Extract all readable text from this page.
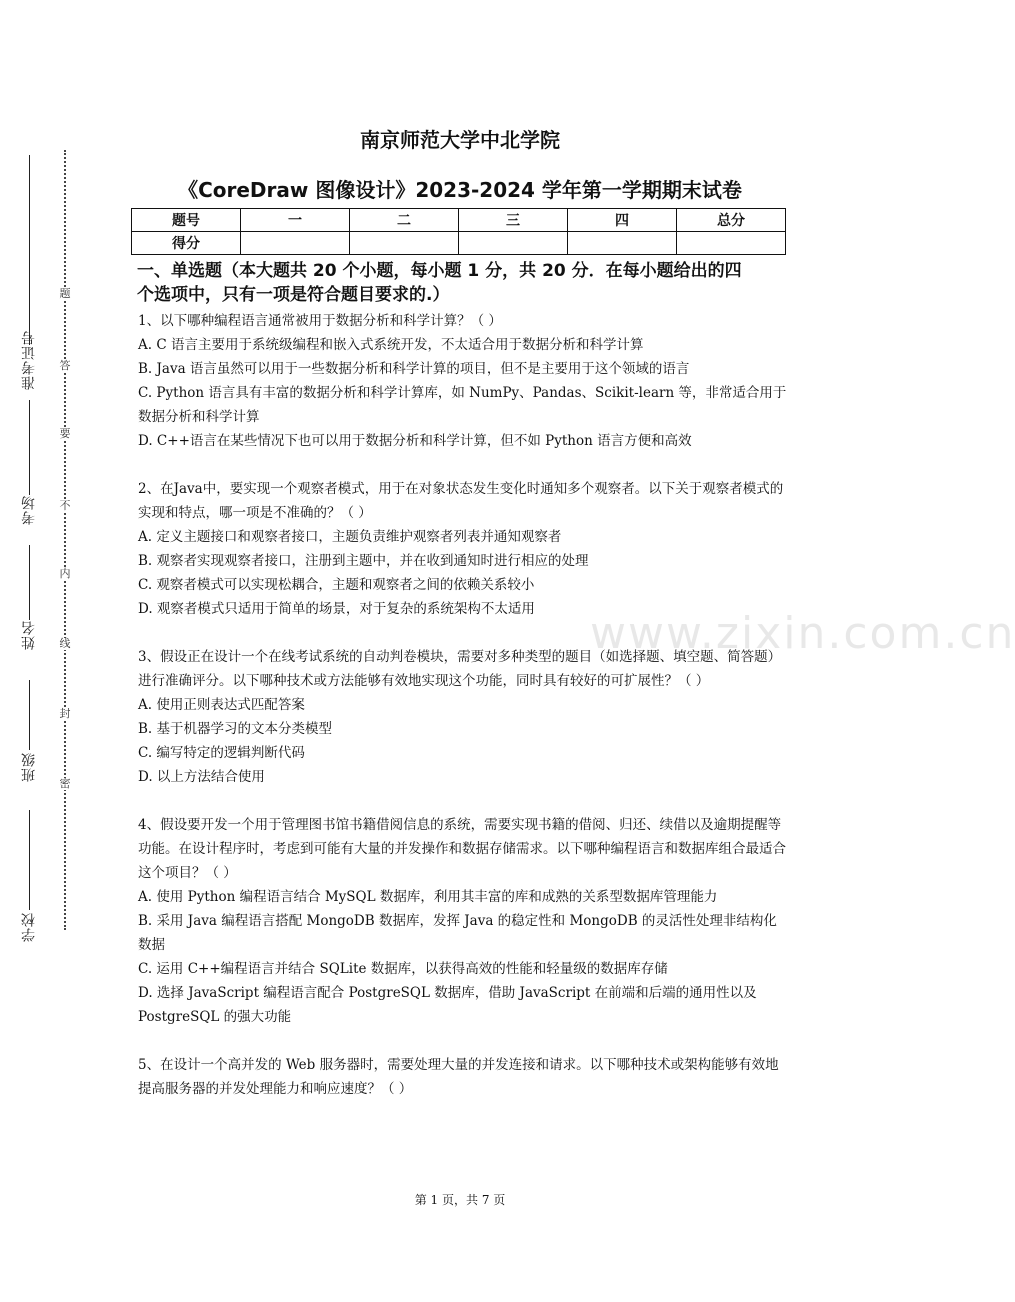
准考证号
考场
姓名
班级
学校
题
答
要
不
内
线
封
密
南京师范大学中北学院
《CoreDraw 图像设计》2023-2024 学年第一学期期末试卷
题号	一	二	三	四	总分
得分					
一、单选题（本大题共 20 个小题，每小题 1 分，共 20 分．在每小题给出的四
个选项中，只有一项是符合题目要求的.）

1、以下哪种编程语言通常被用于数据分析和科学计算？（ ）

A. C 语言主要用于系统级编程和嵌入式系统开发，不太适合用于数据分析和科学计算

B. Java 语言虽然可以用于一些数据分析和科学计算的项目，但不是主要用于这个领域的语言

C. Python 语言具有丰富的数据分析和科学计算库，如 NumPy、Pandas、Scikit-learn 等，非常适合用于数据分析和科学计算

D. C++语言在某些情况下也可以用于数据分析和科学计算，但不如 Python 语言方便和高效

2、在Java中，要实现一个观察者模式，用于在对象状态发生变化时通知多个观察者。以下关于观察者模式的实现和特点，哪一项是不准确的？（ ）

A. 定义主题接口和观察者接口，主题负责维护观察者列表并通知观察者

B. 观察者实现观察者接口，注册到主题中，并在收到通知时进行相应的处理

C. 观察者模式可以实现松耦合，主题和观察者之间的依赖关系较小

D. 观察者模式只适用于简单的场景，对于复杂的系统架构不太适用

3、假设正在设计一个在线考试系统的自动判卷模块，需要对多种类型的题目（如选择题、填空题、简答题）进行准确评分。以下哪种技术或方法能够有效地实现这个功能，同时具有较好的可扩展性？（ ）

A. 使用正则表达式匹配答案

B. 基于机器学习的文本分类模型

C. 编写特定的逻辑判断代码

D. 以上方法结合使用

4、假设要开发一个用于管理图书馆书籍借阅信息的系统，需要实现书籍的借阅、归还、续借以及逾期提醒等功能。在设计程序时，考虑到可能有大量的并发操作和数据存储需求。以下哪种编程语言和数据库组合最适合这个项目？（ ）

A. 使用 Python 编程语言结合 MySQL 数据库，利用其丰富的库和成熟的关系型数据库管理能力

B. 采用 Java 编程语言搭配 MongoDB 数据库，发挥 Java 的稳定性和 MongoDB 的灵活性处理非结构化数据

C. 运用 C++编程语言并结合 SQLite 数据库，以获得高效的性能和轻量级的数据库存储

D. 选择 JavaScript 编程语言配合 PostgreSQL 数据库，借助 JavaScript 在前端和后端的通用性以及 PostgreSQL 的强大功能

5、在设计一个高并发的 Web 服务器时，需要处理大量的并发连接和请求。以下哪种技术或架构能够有效地提高服务器的并发处理能力和响应速度？（ ）

www.zixin.com.cn
第 1 页，共 7 页
